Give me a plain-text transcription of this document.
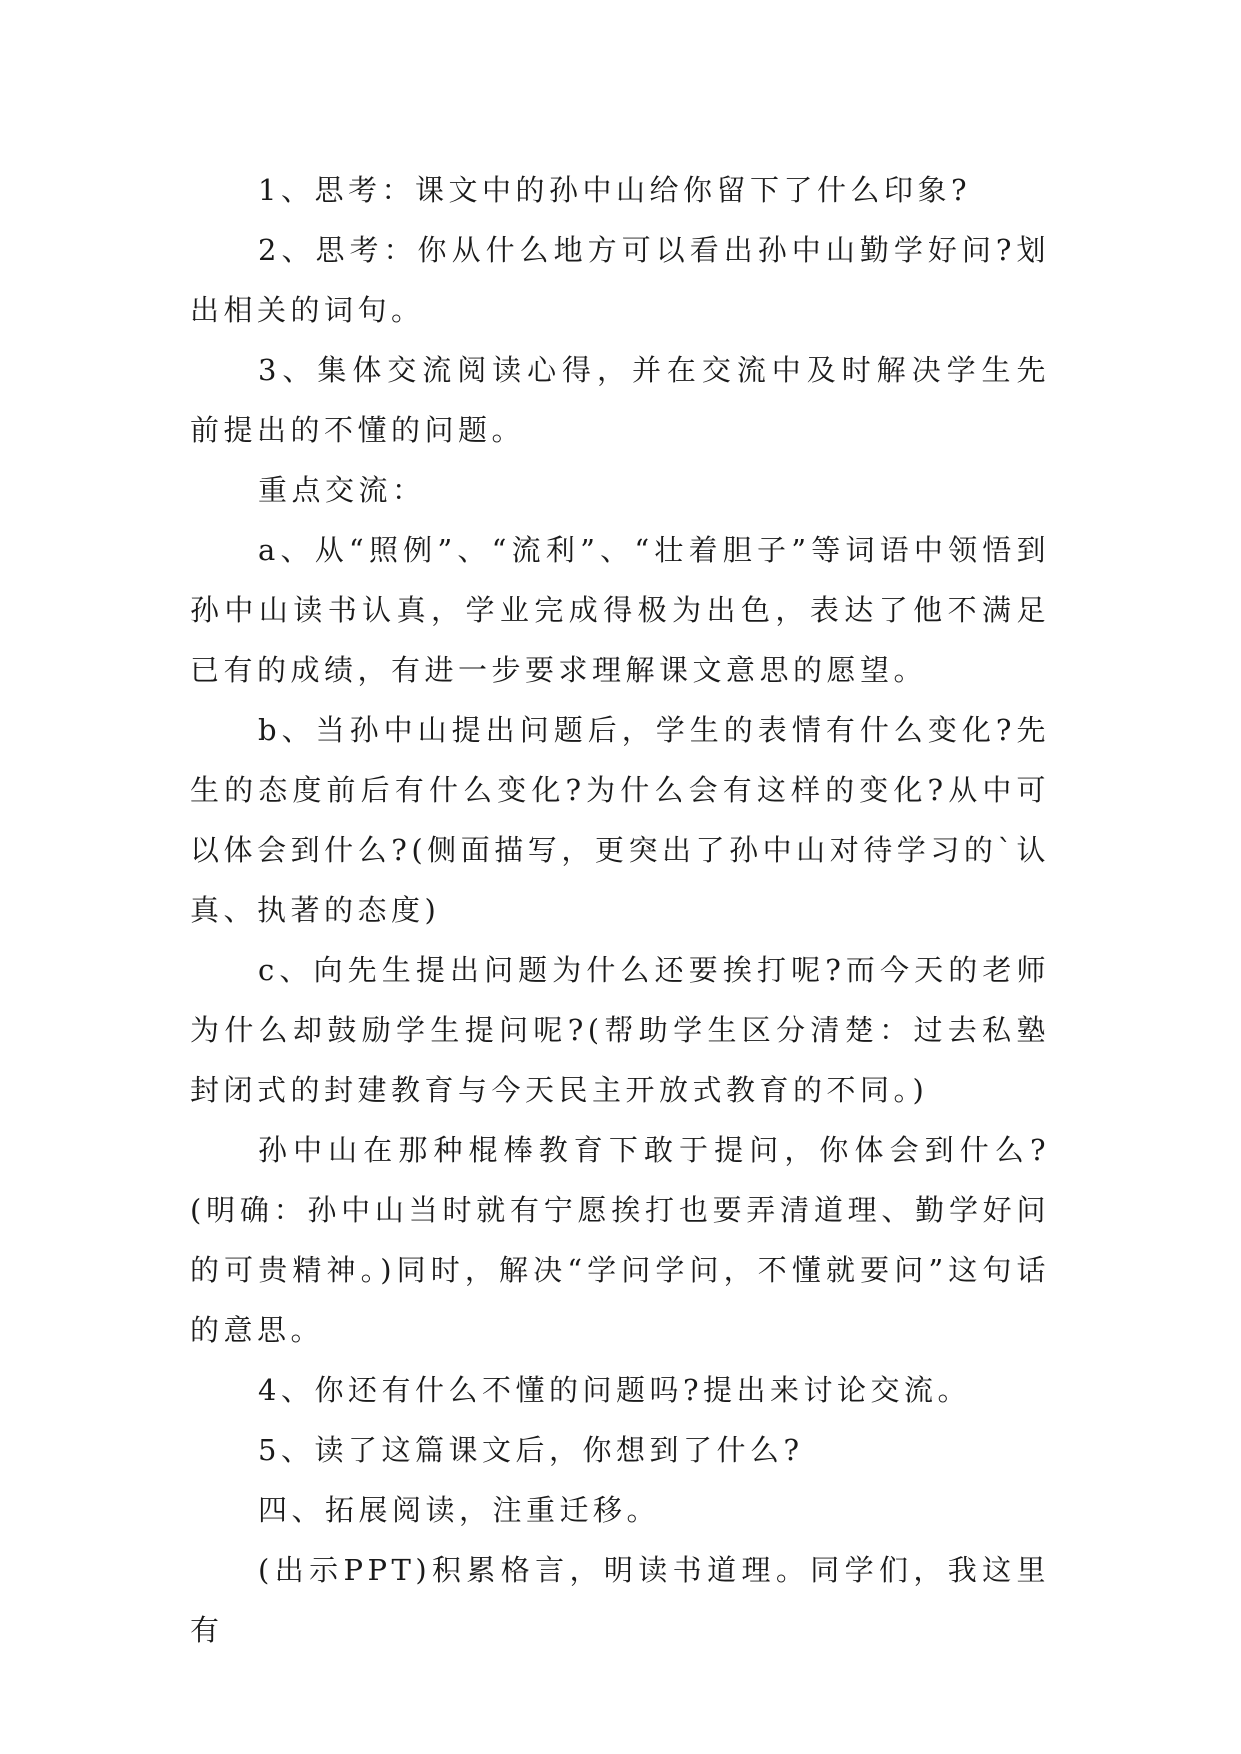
1、思考：课文中的孙中山给你留下了什么印象?

2、思考：你从什么地方可以看出孙中山勤学好问?划出相关的词句。

3、集体交流阅读心得，并在交流中及时解决学生先前提出的不懂的问题。

重点交流：

a、从“照例”、“流利”、“壮着胆子”等词语中领悟到孙中山读书认真，学业完成得极为出色，表达了他不满足已有的成绩，有进一步要求理解课文意思的愿望。

b、当孙中山提出问题后，学生的表情有什么变化?先生的态度前后有什么变化?为什么会有这样的变化?从中可以体会到什么?(侧面描写，更突出了孙中山对待学习的`认真、执著的态度)

c、向先生提出问题为什么还要挨打呢?而今天的老师为什么却鼓励学生提问呢?(帮助学生区分清楚：过去私塾封闭式的封建教育与今天民主开放式教育的不同。)

孙中山在那种棍棒教育下敢于提问，你体会到什么?(明确：孙中山当时就有宁愿挨打也要弄清道理、勤学好问的可贵精神。)同时，解决“学问学问，不懂就要问”这句话的意思。

4、你还有什么不懂的问题吗?提出来讨论交流。

5、读了这篇课文后，你想到了什么?

四、拓展阅读，注重迁移。

(出示PPT)积累格言，明读书道理。同学们，我这里有
